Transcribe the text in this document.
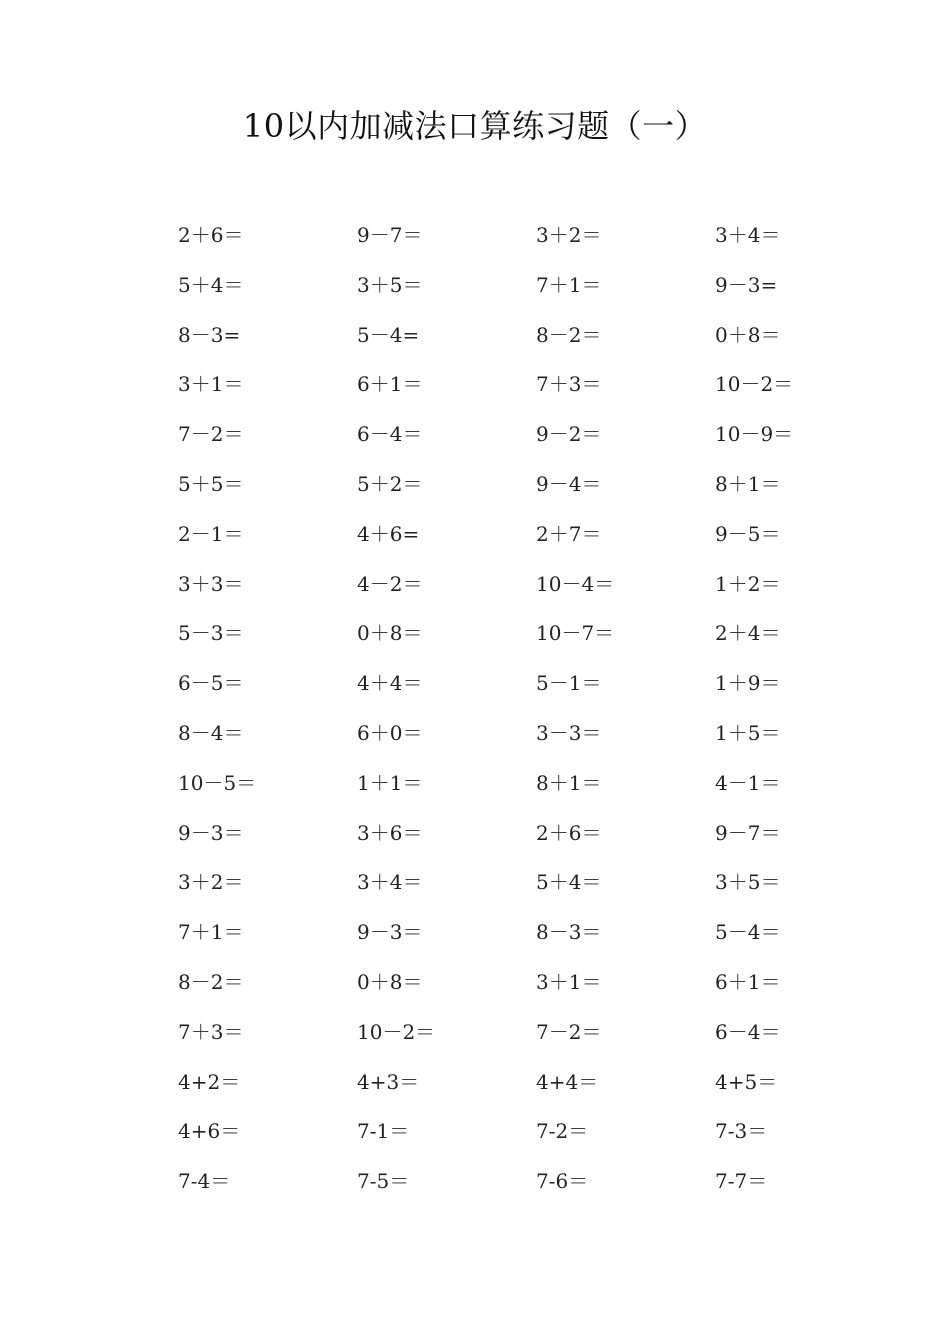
10以内加减法口算练习题（一）
2＋6＝	9－7＝	3＋2＝	3＋4＝
5＋4＝	3＋5＝	7＋1＝	9－3=
8－3=	5－4=	8－2＝	0＋8＝
3＋1＝	6＋1＝	7＋3＝	10－2＝
7－2＝	6－4＝	9－2＝	10－9＝
5＋5＝	5＋2＝	9－4＝	8＋1＝
2－1＝	4＋6=	2＋7＝	9－5＝
3＋3＝	4－2＝	10－4＝	1＋2＝
5－3＝	0＋8＝	10－7＝	2＋4＝
6－5＝	4＋4＝	5－1＝	1＋9＝
8－4＝	6＋0＝	3－3＝	1＋5＝
10－5＝	1＋1＝	8＋1＝	4－1＝
9－3＝	3＋6＝	2＋6＝	9－7＝
3＋2＝	3＋4＝	5＋4＝	3＋5＝
7＋1＝	9－3＝	8－3＝	5－4＝
8－2＝	0＋8＝	3＋1＝	6＋1＝
7＋3＝	10－2＝	7－2＝	6－4＝
4+2＝	4+3＝	4+4＝	4+5＝
4+6＝	7-1＝	7-2＝	7-3＝
7-4＝	7-5＝	7-6＝	7-7＝
